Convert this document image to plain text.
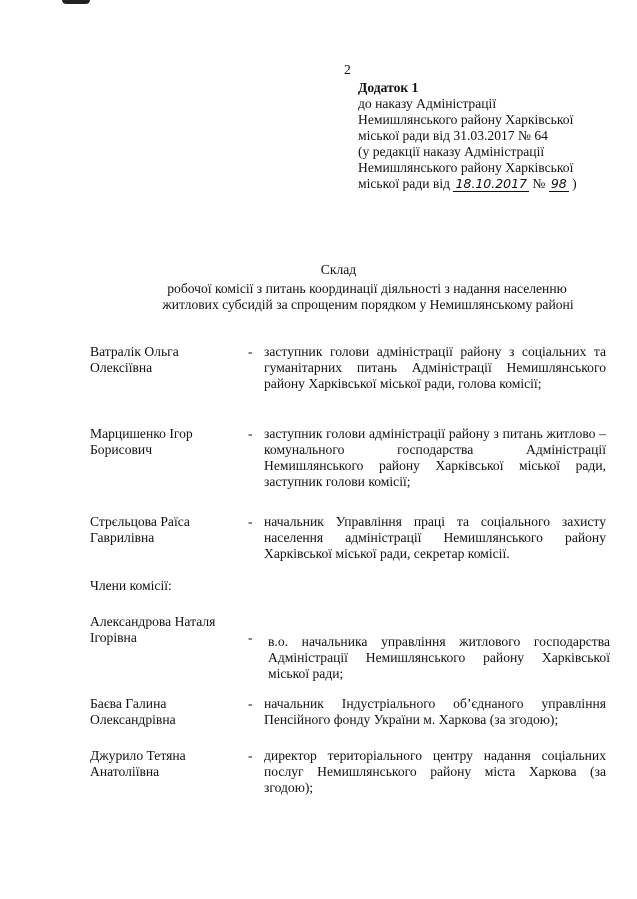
2
Додаток 1
до наказу Адміністрації
Немишлянського району Харківської
міської ради від 31.03.2017 № 64
(у редакції наказу Адміністрації
Немишлянського району Харківської
міської ради від 18.10.2017 № 98 )
Склад
робочої комісії з питань координації діяльності з надання населенню
житлових субсидій за спрощеним порядком у Немишлянському районі
Ватралік Ольга
Олексіївна
- заступник голови адміністрації району з соціальних та гуманітарних питань Адміністрації Немишлянського району Харківської міської ради, голова комісії;
Марцишенко Ігор
Борисович
- заступник голови адміністрації району з питань житлово – комунального господарства Адміністрації Немишлянського району Харківської міської ради, заступник голови комісії;
Стрєльцова Раїса
Гаврилівна
- начальник Управління праці та соціального захисту населення адміністрації Немишлянського району Харківської міської ради, секретар комісії.
Члени комісії:
Александрова Наталя
Ігорівна	-	в.о. начальника управління житлового господарства Адміністрації Немишлянського району Харківської міської ради;
Баєва Галина
Олександрівна
- начальник Індустріального об’єднаного управління Пенсійного фонду України м. Харкова (за згодою);
Джурило Тетяна
Анатоліївна
- директор територіального центру надання соціальних послуг Немишлянського району міста Харкова (за згодою);
